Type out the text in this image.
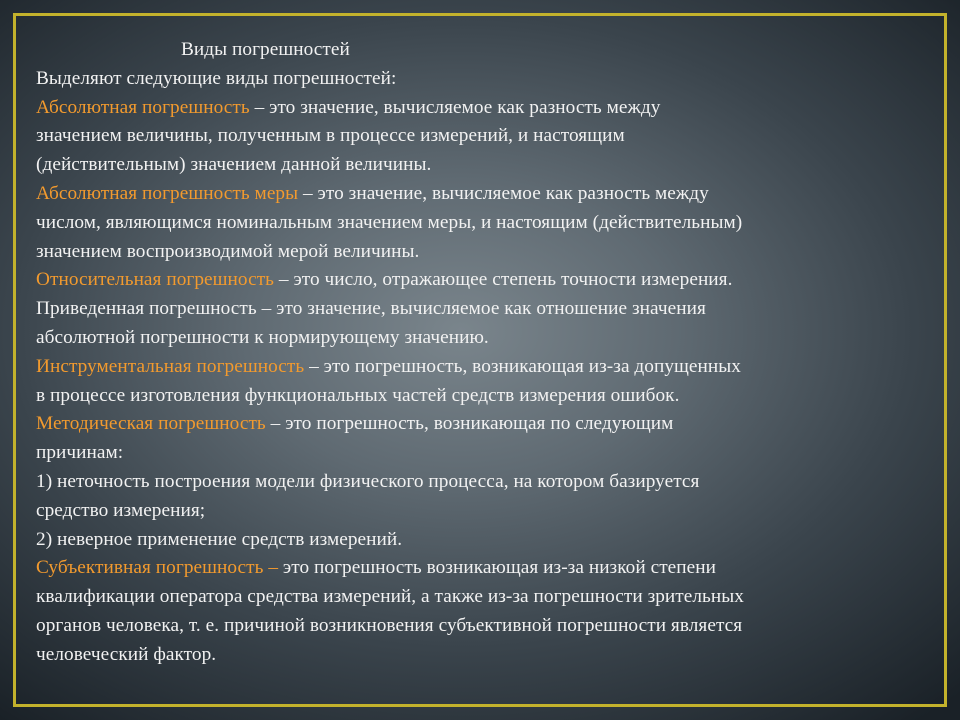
Виды погрешностей
Выделяют следующие виды погрешностей:
Абсолютная погрешность – это значение, вычисляемое как разность между
значением величины, полученным в процессе измерений, и настоящим
(действительным) значением данной величины.
Абсолютная погрешность меры – это значение, вычисляемое как разность между
числом, являющимся номинальным значением меры, и настоящим (действительным)
значением воспроизводимой мерой величины.
Относительная погрешность – это число, отражающее степень точности измерения.
Приведенная погрешность – это значение, вычисляемое как отношение значения
абсолютной погрешности к нормирующему значению.
Инструментальная погрешность – это погрешность, возникающая из-за допущенных
в процессе изготовления функциональных частей средств измерения ошибок.
Методическая погрешность – это погрешность, возникающая по следующим
причинам:
1) неточность построения модели физического процесса, на котором базируется
средство измерения;
2) неверное применение средств измерений.
Субъективная погрешность – это погрешность возникающая из-за низкой степени
квалификации оператора средства измерений, а также из-за погрешности зрительных
органов человека, т. е. причиной возникновения субъективной погрешности является
человеческий фактор.
